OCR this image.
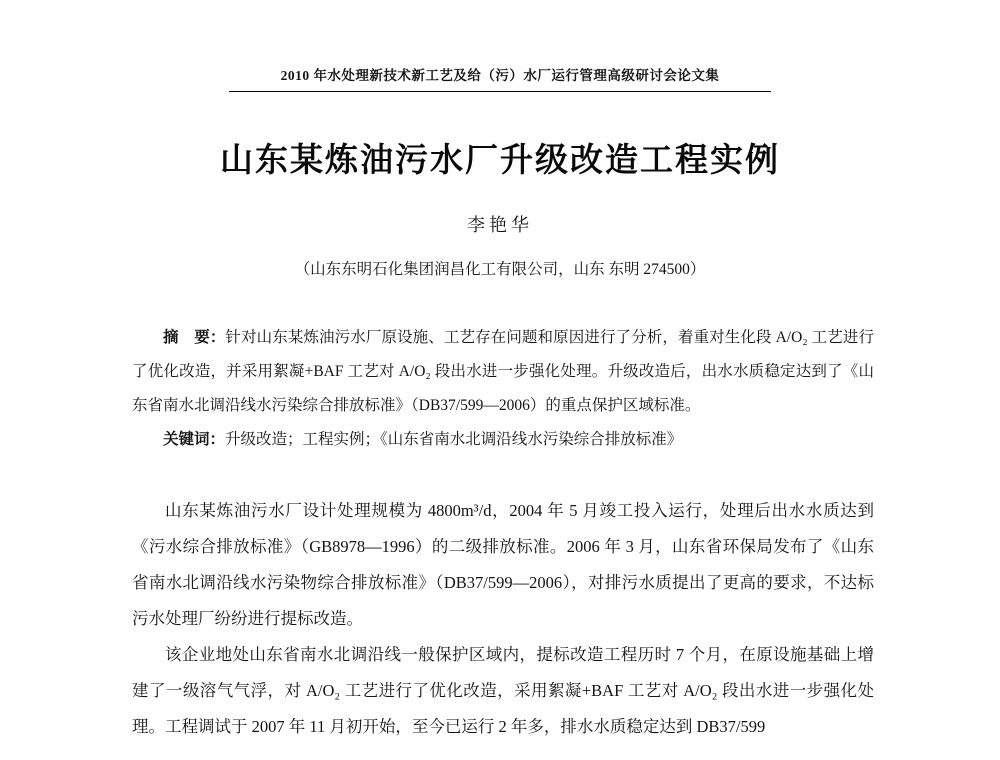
2010 年水处理新技术新工艺及给（污）水厂运行管理高级研讨会论文集
山东某炼油污水厂升级改造工程实例
李艳华
（山东东明石化集团润昌化工有限公司，山东 东明 274500）

摘　要：针对山东某炼油污水厂原设施、工艺存在问题和原因进行了分析，着重对生化段 A/O₂ 工艺进行了优化改造，并采用絮凝+BAF 工艺对 A/O₂ 段出水进一步强化处理。升级改造后，出水水质稳定达到了《山东省南水北调沿线水污染综合排放标准》（DB37/599—2006）的重点保护区域标准。

关键词：升级改造；工程实例；《山东省南水北调沿线水污染综合排放标准》

山东某炼油污水厂设计处理规模为 4800m³/d，2004 年 5 月竣工投入运行，处理后出水水质达到《污水综合排放标准》（GB8978—1996）的二级排放标准。2006 年 3 月，山东省环保局发布了《山东省南水北调沿线水污染物综合排放标准》（DB37/599—2006），对排污水质提出了更高的要求，不达标污水处理厂纷纷进行提标改造。

该企业地处山东省南水北调沿线一般保护区域内，提标改造工程历时 7 个月，在原设施基础上增建了一级溶气气浮，对 A/O₂ 工艺进行了优化改造，采用絮凝+BAF 工艺对 A/O₂ 段出水进一步强化处理。工程调试于 2007 年 11 月初开始，至今已运行 2 年多，排水水质稳定达到 DB37/599
